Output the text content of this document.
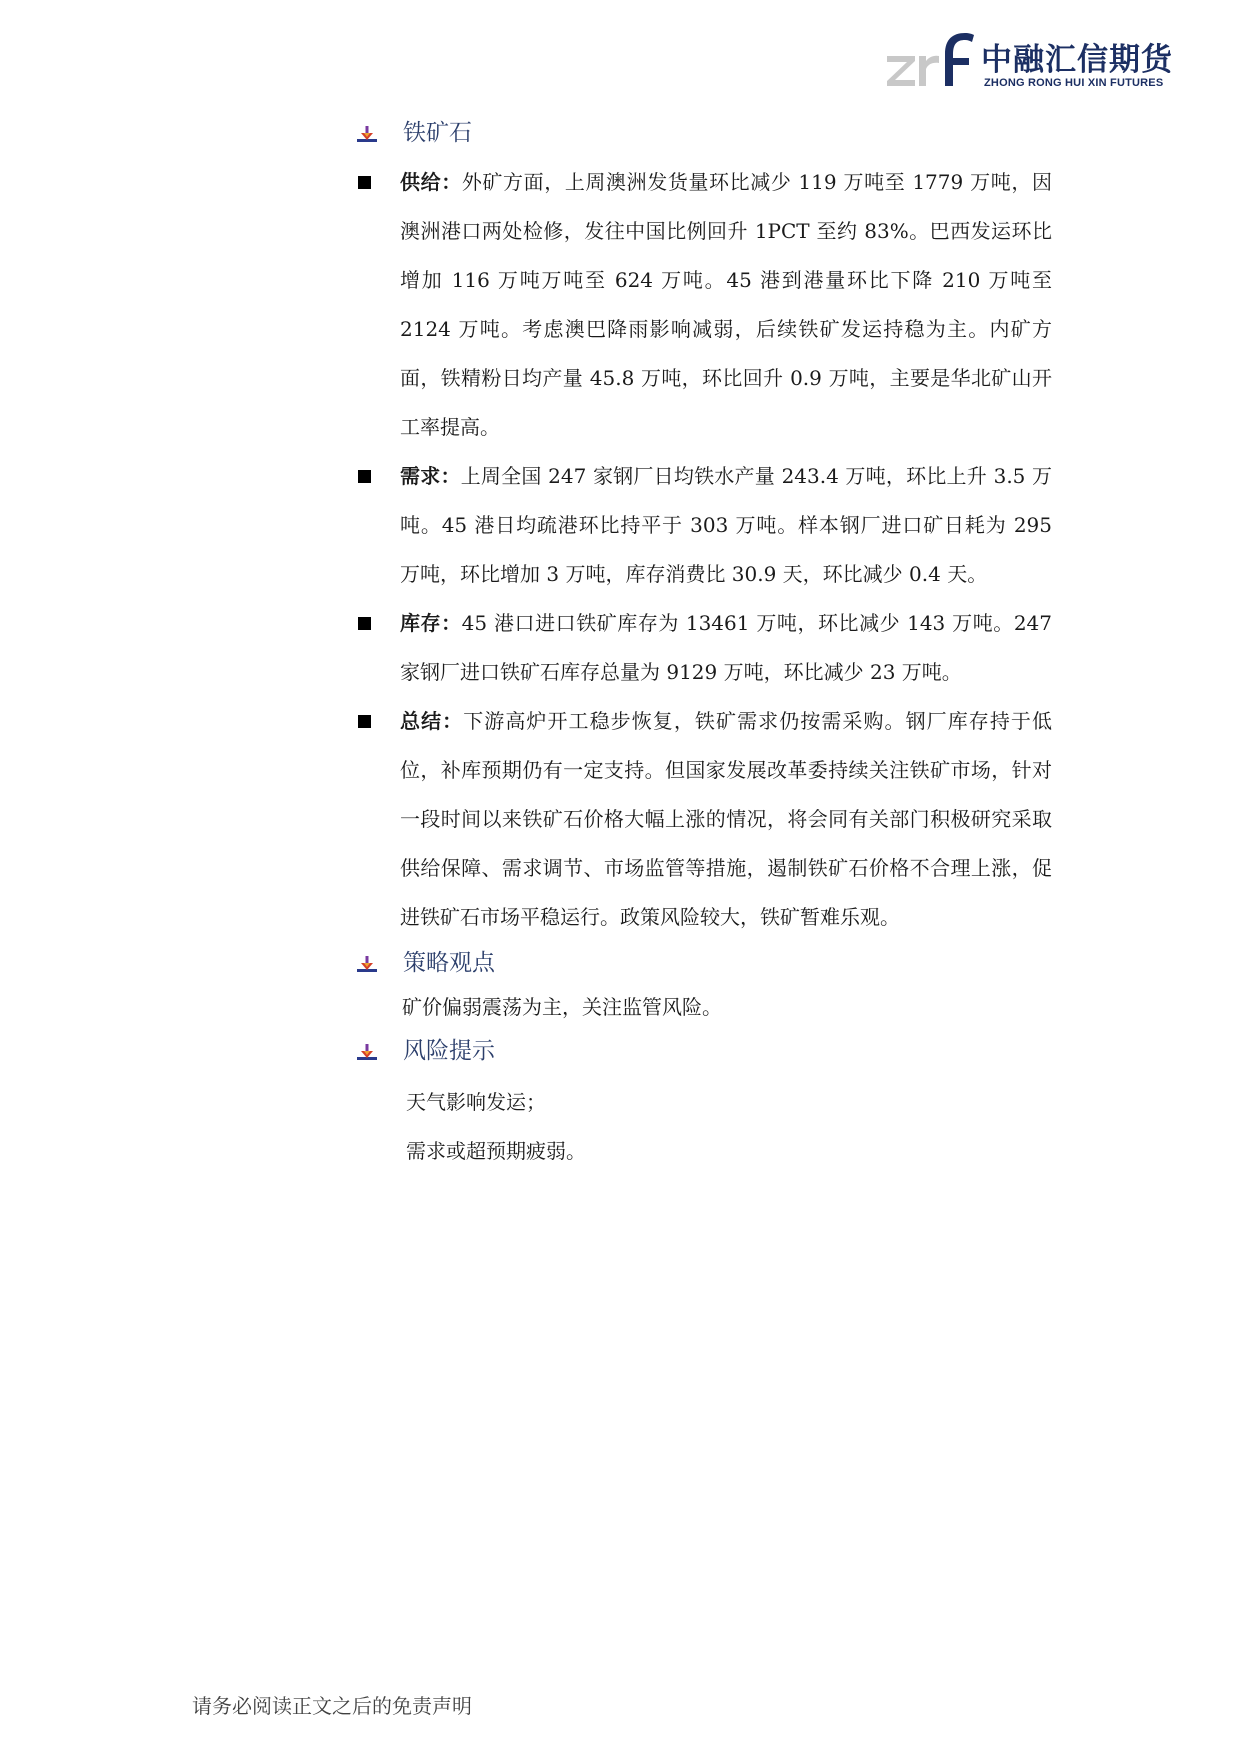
中融汇信期货
ZHONG RONG HUI XIN FUTURES
铁矿石
供给：外矿方面，上周澳洲发货量环比减少 119 万吨至 1779 万吨，因澳洲港口两处检修，发往中国比例回升 1PCT 至约 83%。巴西发运环比增加 116 万吨万吨至 624 万吨。45 港到港量环比下降 210 万吨至 2124 万吨。考虑澳巴降雨影响减弱，后续铁矿发运持稳为主。内矿方面，铁精粉日均产量 45.8 万吨，环比回升 0.9 万吨，主要是华北矿山开工率提高。
需求：上周全国 247 家钢厂日均铁水产量 243.4 万吨，环比上升 3.5 万吨。45 港日均疏港环比持平于 303 万吨。样本钢厂进口矿日耗为 295 万吨，环比增加 3 万吨，库存消费比 30.9 天，环比减少 0.4 天。
库存：45 港口进口铁矿库存为 13461 万吨，环比减少 143 万吨。247 家钢厂进口铁矿石库存总量为 9129 万吨，环比减少 23 万吨。
总结：下游高炉开工稳步恢复，铁矿需求仍按需采购。钢厂库存持于低位，补库预期仍有一定支持。但国家发展改革委持续关注铁矿市场，针对一段时间以来铁矿石价格大幅上涨的情况，将会同有关部门积极研究采取供给保障、需求调节、市场监管等措施，遏制铁矿石价格不合理上涨，促进铁矿石市场平稳运行。政策风险较大，铁矿暂难乐观。
策略观点
矿价偏弱震荡为主，关注监管风险。
风险提示
天气影响发运；
需求或超预期疲弱。
请务必阅读正文之后的免责声明
